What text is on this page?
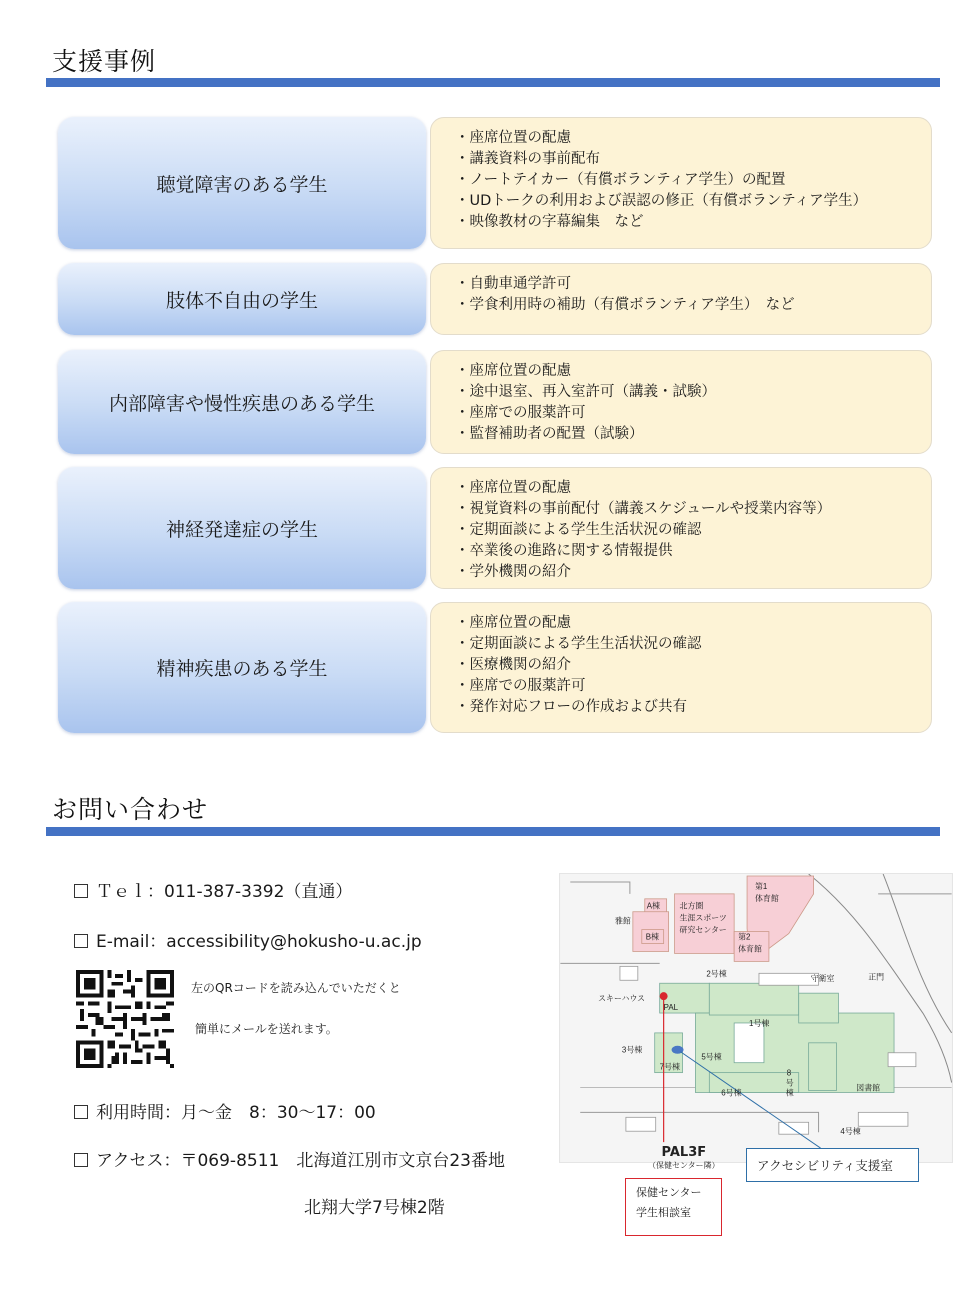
支援事例
聴覚障害のある学生
・ 座席位置の配慮
・ 講義資料の事前配布
・ ノートテイカー（有償ボランティア学生）の配置
・ UDトークの利用および誤認の修正（有償ボランティア学生）
・ 映像教材の字幕編集　など
肢体不自由の学生
・ 自動車通学許可
・ 学食利用時の補助（有償ボランティア学生）　など
内部障害や慢性疾患のある学生
・ 座席位置の配慮
・ 途中退室、再入室許可（講義・試験）
・ 座席での服薬許可
・ 監督補助者の配置（試験）
神経発達症の学生
・ 座席位置の配慮
・ 視覚資料の事前配付（講義スケジュールや授業内容等）
・ 定期面談による学生生活状況の確認
・ 卒業後の進路に関する情報提供
・ 学外機関の紹介
精神疾患のある学生
・ 座席位置の配慮
・ 定期面談による学生生活状況の確認
・ 医療機関の紹介
・ 座席での服薬許可
・ 発作対応フローの作成および共有
お問い合わせ
Ｔｅｌ：011-387-3392（直通）
E-mail：accessibility@hokusho-u.ac.jp
左のQRコードを読み込んでいただくと
簡単にメールを送れます。
利用時間：月～金　8：30～17：00
アクセス：〒069-8511　北海道江別市文京台23番地
北翔大学7号棟2階
A棟
雅館
B棟
北方圏
生涯スポーツ
研究センター
第1
体育館
第2
体育館
2号棟
スキーハウス
PAL
1号棟
3号棟
5号棟
7号棟
6号棟
8
号
棟
4号棟
図書館
守衛室	正門
PAL3F
（保健センター隣）
保健センター
学生相談室
アクセシビリティ支援室
